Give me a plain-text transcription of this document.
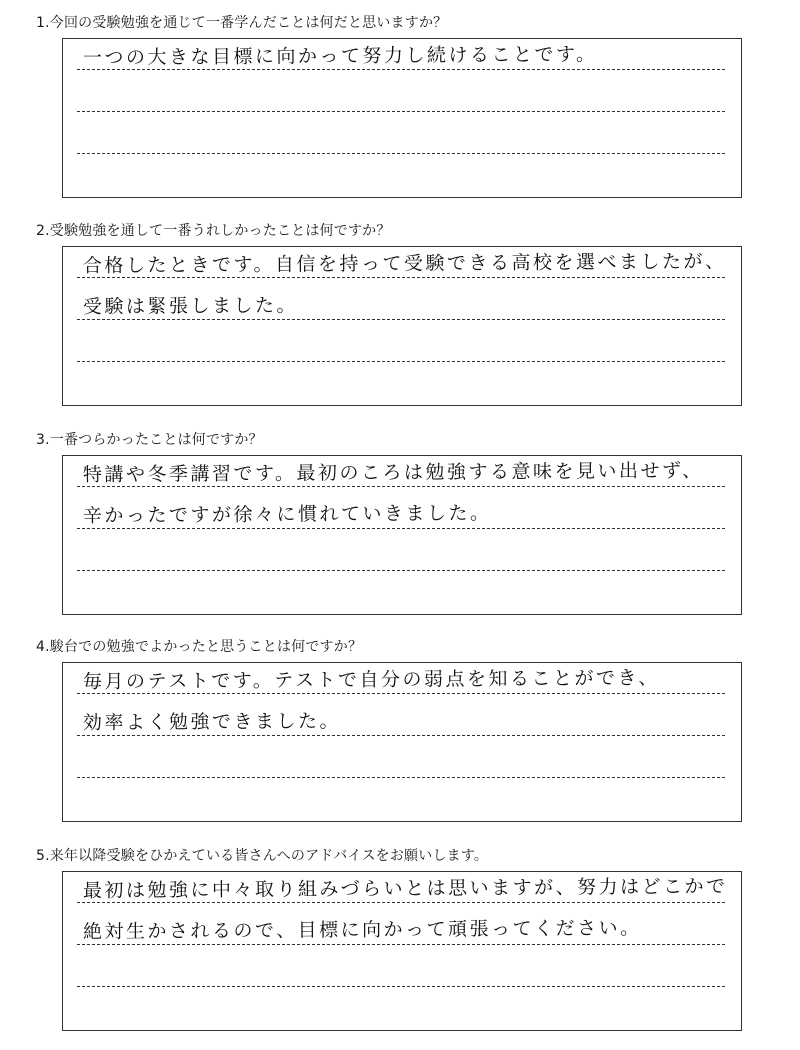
1.今回の受験勉強を通じて一番学んだことは何だと思いますか？
一つの大きな目標に向かって努力し続けることです。
2.受験勉強を通して一番うれしかったことは何ですか？
合格したときです。自信を持って受験できる高校を選べましたが、
受験は緊張しました。
3.一番つらかったことは何ですか？
特講や冬季講習です。最初のころは勉強する意味を見い出せず、
辛かったですが徐々に慣れていきました。
4.駿台での勉強でよかったと思うことは何ですか？
毎月のテストです。テストで自分の弱点を知ることができ、
効率よく勉強できました。
5.来年以降受験をひかえている皆さんへのアドバイスをお願いします。
最初は勉強に中々取り組みづらいとは思いますが、努力はどこかで
絶対生かされるので、目標に向かって頑張ってください。
